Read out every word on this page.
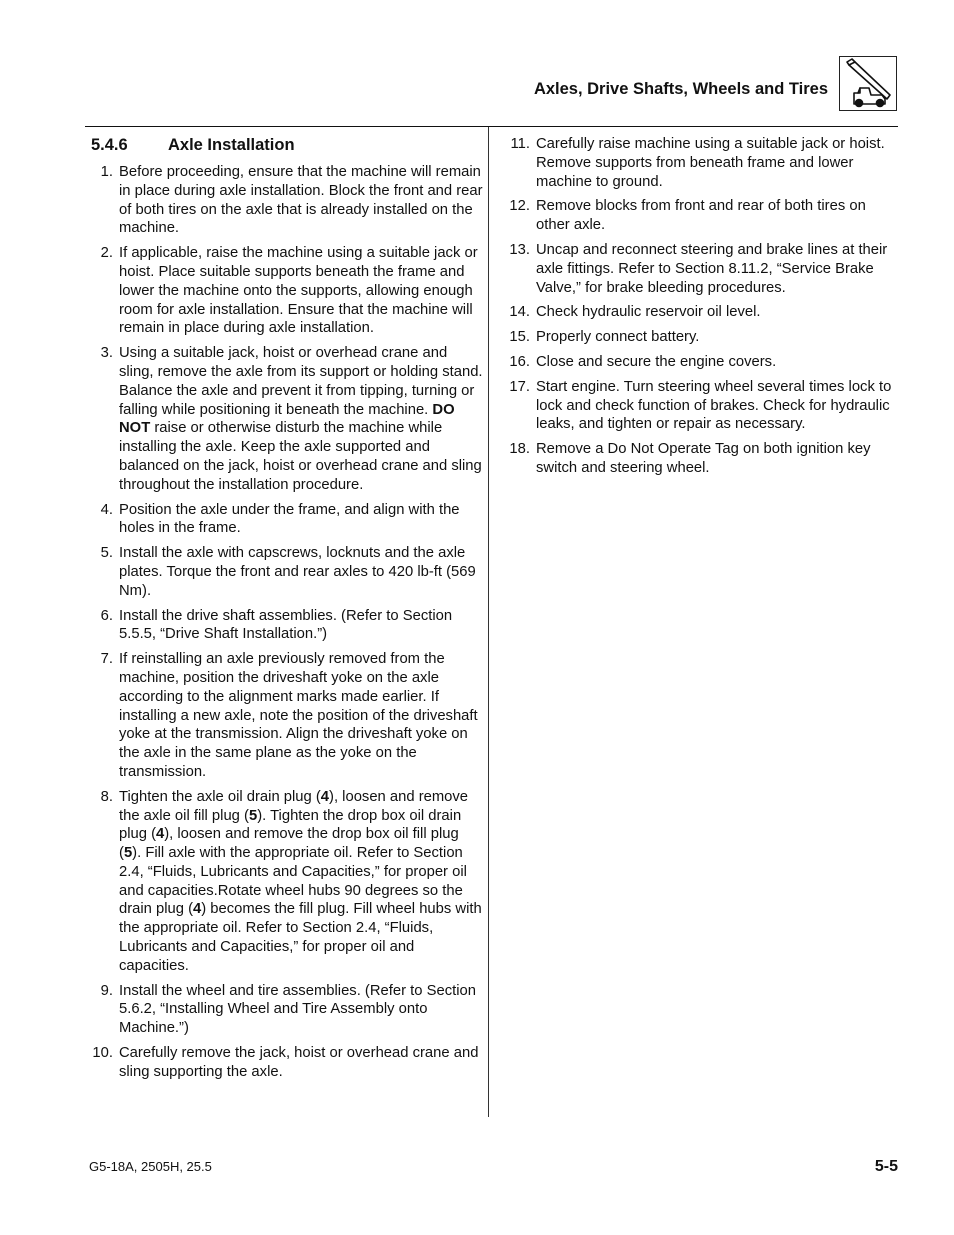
Axles, Drive Shafts, Wheels and Tires
5.4.6 Axle Installation
1. Before proceeding, ensure that the machine will remain in place during axle installation. Block the front and rear of both tires on the axle that is already installed on the machine.
2. If applicable, raise the machine using a suitable jack or hoist. Place suitable supports beneath the frame and lower the machine onto the supports, allowing enough room for axle installation. Ensure that the machine will remain in place during axle installation.
3. Using a suitable jack, hoist or overhead crane and sling, remove the axle from its support or holding stand. Balance the axle and prevent it from tipping, turning or falling while positioning it beneath the machine. DO NOT raise or otherwise disturb the machine while installing the axle. Keep the axle supported and balanced on the jack, hoist or overhead crane and sling throughout the installation procedure.
4. Position the axle under the frame, and align with the holes in the frame.
5. Install the axle with capscrews, locknuts and the axle plates. Torque the front and rear axles to 420 lb-ft (569 Nm).
6. Install the drive shaft assemblies. (Refer to Section 5.5.5, “Drive Shaft Installation.”)
7. If reinstalling an axle previously removed from the machine, position the driveshaft yoke on the axle according to the alignment marks made earlier. If installing a new axle, note the position of the driveshaft yoke at the transmission. Align the driveshaft yoke on the axle in the same plane as the yoke on the transmission.
8. Tighten the axle oil drain plug (4), loosen and remove the axle oil fill plug (5). Tighten the drop box oil drain plug (4), loosen and remove the drop box oil fill plug (5). Fill axle with the appropriate oil. Refer to Section 2.4, “Fluids, Lubricants and Capacities,” for proper oil and capacities.Rotate wheel hubs 90 degrees so the drain plug (4) becomes the fill plug. Fill wheel hubs with the appropriate oil. Refer to Section 2.4, “Fluids, Lubricants and Capacities,” for proper oil and capacities.
9. Install the wheel and tire assemblies. (Refer to Section 5.6.2, “Installing Wheel and Tire Assembly onto Machine.”)
10. Carefully remove the jack, hoist or overhead crane and sling supporting the axle.
11. Carefully raise machine using a suitable jack or hoist. Remove supports from beneath frame and lower machine to ground.
12. Remove blocks from front and rear of both tires on other axle.
13. Uncap and reconnect steering and brake lines at their axle fittings. Refer to Section 8.11.2, “Service Brake Valve,” for brake bleeding procedures.
14. Check hydraulic reservoir oil level.
15. Properly connect battery.
16. Close and secure the engine covers.
17. Start engine. Turn steering wheel several times lock to lock and check function of brakes. Check for hydraulic leaks, and tighten or repair as necessary.
18. Remove a Do Not Operate Tag on both ignition key switch and steering wheel.
G5-18A, 2505H, 25.5	5-5
